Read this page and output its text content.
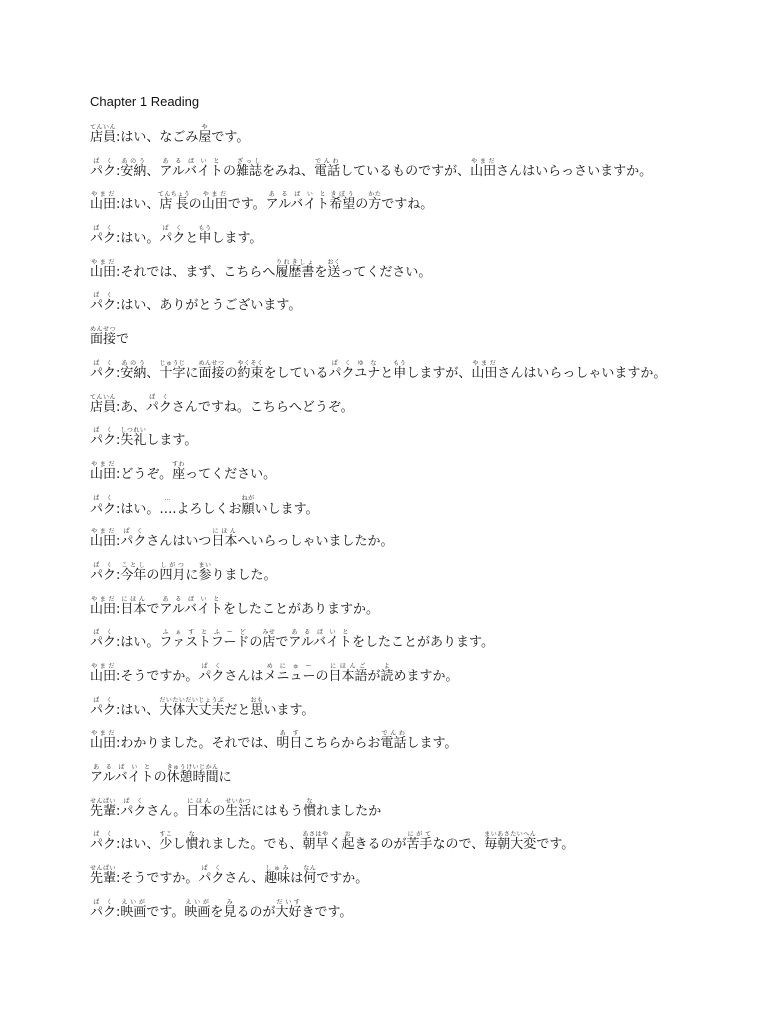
Chapter 1 Reading
店員てんいん:はい、なごみ屋やです。
パクぱく:安納あのう、アルバイトあるばいとの雑誌ざっしをみね、電話でんわしているものですが、山田やまださんはいらっさいますか。
山田やまだ:はい、店長てんちょうの山田やまだです。アルバイトあるばいと希望きぼうの方かたですね。
パクぱく:はい。パクぱくと申もうします。
山田やまだ:それでは、まず、こちらへ履歴書りれきしょを送おくってください。
パクぱく:はい、ありがとうございます。
面接めんせつで
パクぱく:安納あのう、十字じゅうじに面接めんせつの約束やくそくをしているパクユナぱくゆなと申もうしますが、山田やまださんはいらっしゃいますか。
店員てんいん:あ、パクぱくさんですね。こちらへどうぞ。
パクぱく:失礼しつれいします。
山田やまだ:どうぞ。座すわってください。
パクぱく:はい。….…よろしくお願ねがいします。
山田やまだ:パクぱくさんはいつ日本にほんへいらっしゃいましたか。
パクぱく:今年ことしの四月しがつに参まいりました。
山田やまだ:日本にほんでアルバイトあるばいとをしたことがありますか。
パクぱく:はい。ファストフードふぁすとふーどの店みせでアルバイトあるばいとをしたことがあります。
山田やまだ:そうですか。パクぱくさんはメニューめにゅーの日本語にほんごが読よめますか。
パクぱく:はい、大体大丈夫だいたいだいじょうぶだと思おもいます。
山田やまだ:わかりました。それでは、明日あすこちらからお電話でんわします。
アルバイトあるばいとの休憩時間きゅうけいじかんに
先輩せんぱい:パクぱくさん。日本にほんの生活せいかつにはもう慣なれましたか
パクぱく:はい、少すこし慣なれました。でも、朝早あさはやく起おきるのが苦手にがてなので、毎朝大変まいあさたいへんです。
先輩せんぱい:そうですか。パクぱくさん、趣味しゅみは何なんですか。
パクぱく:映画えいがです。映画えいがを見みるのが大好だいすきです。
